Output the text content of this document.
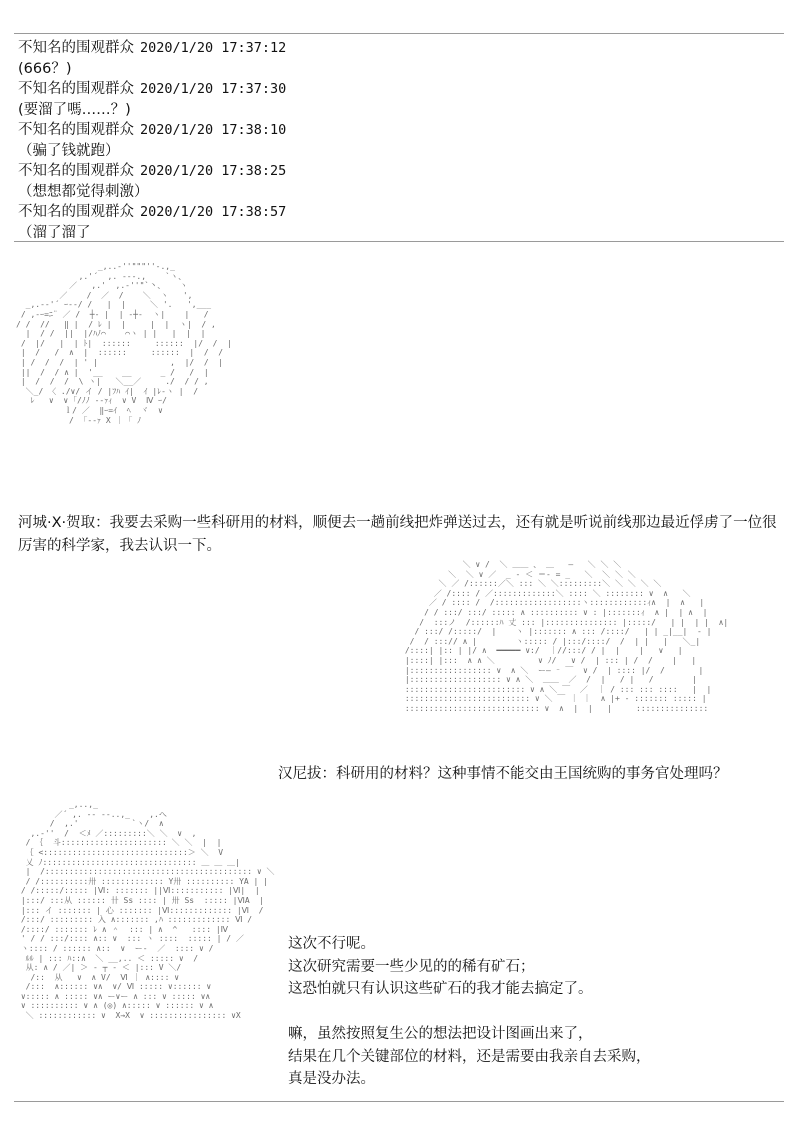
不知名的围观群众 2020/1/20 17:37:12
(666？)
不知名的围观群众 2020/1/20 17:37:30
(要溜了嗎……？)
不知名的围观群众 2020/1/20 17:38:10
（骗了钱就跑）
不知名的围观群众 2020/1/20 17:38:25
（想想都觉得刺激）
不知名的围观群众 2020/1/20 17:38:57
（溜了溜了
_,..-''"""''-.,_
,.'´  ,. -‐-.,    `ヽ、
／   ,.'  ,.-''"`丶、   ヽ
／    /  ／  /    ＼  ヽ   ',
_,.-‐'´ ｰ‐-/ /   |  |     ＼ '.   ',___
/ ,-ｰ=ﾆ¨ ／ /  ┼‐ |  | ‐┼‐  ヽ|    |   /
/ /  //   ‖ |  / ﾚ |  |     |  |  ヽ|  / ,
|  / /  ||  |/ﾊﾉ⌒    ⌒ヽ | |   |  |  |
/  |/   |  | ﾄ|  ::::::     ::::::  |/  /  |
|  /   /  ∧  |  ::::::     ::::::  |  /  /
| /  /  /  | ' |               ,  |/  /  |
||  /  / ∧ |  '__    __      _ /   /  |
|  /  /  /  \ ヽ|   ＼__／     ./  / / ,
＼_/ 〈 ./∨/ イ / |ﾌﾊ ｲ|  ｲ |ﾚ‐ヽ |  /
ﾚ   ∨  ∨ ｢/ﾉﾉ -‐ｧｨ  ∨ V  Ⅳ ｰ/
ｌ/ ／  ‖ｰ=ｲ  ﾍ  ヾ  ∨
/  ｢--ｧ X ｜ ｢ ﾉ

河城·X·贺取：我要去采购一些科研用的材料，顺便去一趟前线把炸弹送过去，还有就是听说前线那边最近俘虏了一位很厉害的科学家，我去认识一下。
＼ ∨ /  ＼ ＿＿ 、 ＿   ―   ＼ ＼ ＼
＼  ＼ ∨ ／  _ ‐ ＜ ＝‐ = _   ＼  ＼ ＼ ＼
＼ ／ /::::::／＼ ::: ＼ ＼:::::::::＼ ＼ ＼ ＼ ＼
／ /:::: / ／:::::::::::::＼ :::: ＼ :::::::: ∨  ∧   ＼
／ / :::: /  /::::::::::::::::::ヽ::::::::::::ｨ∧  |  ∧   |
/ / :::/ :::/ ::::: ∧ :::::::::: ∨ : |:::::::ｨ  ∧ |  | ∧  |
/  :::ノ  /::::::ﾊ 丈 ::: |::::::::::::::: |:::::/   | |  | |  ∧|
/ :::/ /:::::/  |    ヽ |::::::: ∧ ::: /::::/   | | _|__|  ‐ |
/  / :::// ∧ |        ヽ::::: / |:::/::::/  /  | |   |   ＼_|
/::::| |:: | |/ ∧  ━━━━━ ∨:/  ｜//:::/ / |  |    |   ∨   |
|::::| |:::  ∧ ∧ ＼         ∨ ﾉ/   ∨ /  | ::: | /  /    |   |
|::::::::::::::::: ∨  ∧ ＼  ー― ⁻ ￣  ∨ /  | :::: |/  /       |
|::::::::::::::::::: ∨ ∧ ＼  ＿＿  ／  /  |   / |   /        |
::::::::::::::::::::::::: ∨ ∧ ＼ ￣  ／  ｜ / ::: ::: ::::   |  |
:::::::::::::::::::::::::: ∨ ＼ ￣ ｜ ｜  ∧ |+ ‐ ::::::: ::::: |
:::::::::::::::::::::::::::: ∨  ∧  |  |   |     :::::::::::::::

汉尼拔：科研用的材料？这种事情不能交由王国统购的事务官处理吗？
_,..,_
／´ ,. -‐ --..,_    ,.へ
/  ,.'           `ヽ/  ∧
,.-''  /  ＜ﾒ ／:::::::::＼ ＼  ∨  ,
/ ｛  斗:::::::::::::::::::::: ＼ ＼  |  |
｛ <::::::::::::::::::::::::::::::＞ ＼  V
乂 ﾉ:::::::::::::::::::::::::::::::: ＿ ＿ ＿|
|  /::::::::::::::::::::::::::::::::::::::::::: ∨ ＼
/ /::::::::::卅 ::::::::::::: Y卅 :::::::::: YA | |
/ /:::::/::::: |Ⅵ: ::::::: ||Ⅵ::::::::::: |Ⅵ|  |
|:::/ :::从 :::::: 卄 Ss :::: | 卅 Ss  ::::: |ⅥA  |
|::: イ ::::::: | 心 ::::::: |Ⅵ::::::::::::: |Ⅵ  /
/:::/ ::::::::: 入 ∧::::::: ,ﾊ ::::::::::::: Ⅵ /
/::::/ ::::::: ﾚ ∧ ＾  ::: | ∧  ^   :::: |Ⅳ
' / / :::/:::: ∧:: ∨  ::: ヽ ::::  ::::: | / ／
ヽ:::: / :::::: ∧::  ∨  ー‐  ／  :::: ∨ /
ﾙﾙ | ::: ﾊ::∧  ＼ __,.. ＜ ::::: ∨  /
从: ∧ / ／| ＞ ‐ ┬ ‐ ＜ |::: V ＼/
/::  从   ∨  ∧ V/  Ⅵ ｜ ∧:::: ∨
/:::  ∧:::::: ∨∧  ∨/ Ⅵ ::::: ∨:::::: ∨
∨::::: ∧ ::::: ∨∧ ー∨ー ∧ ::: ∨ ::::: ∨∧
∨ :::::::::: ∨ ∧ (◎) ∧::::: ∨ :::::: ∨ ∧
＼ :::::::::::: ∨  X→X  ∨ :::::::::::::::: ∨X

这次不行呢。
这次研究需要一些少见的的稀有矿石；
这恐怕就只有认识这些矿石的我才能去搞定了。
嘛，虽然按照复生公的想法把设计图画出来了，
结果在几个关键部位的材料，还是需要由我亲自去采购，
真是没办法。
